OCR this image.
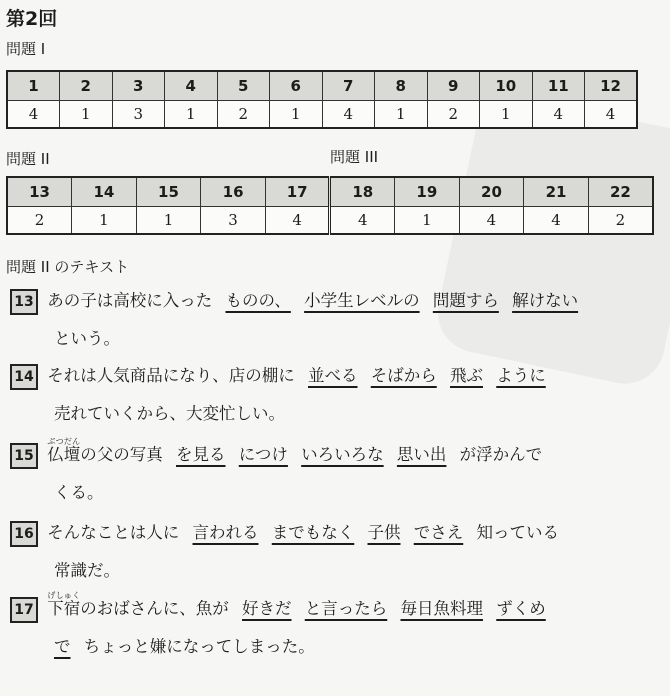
第2回
問題 I
1	2	3	4	5	6	7	8	9	10	11	12
4	1	3	1	2	1	4	1	2	1	4	4
問題 II	問題 III
13	14	15	16	17	18	19	20	21	22
2	1	1	3	4	4	1	4	4	2
問題 II のテキスト
13 あの子は高校に入った ものの、 小学生レベルの 問題すら 解けない
という。
14 それは人気商品になり、店の棚に 並べる そばから 飛ぶ ように
売れていくから、大変忙しい。
15 仏壇ぶつだんの父の写真 を見る につけ いろいろな 思い出 が浮かんで
くる。
16 そんなことは人に 言われる までもなく 子供 でさえ 知っている
常識だ。
17 下宿げしゅくのおばさんに、魚が 好きだ と言ったら 毎日魚料理 ずくめ
で ちょっと嫌になってしまった。
